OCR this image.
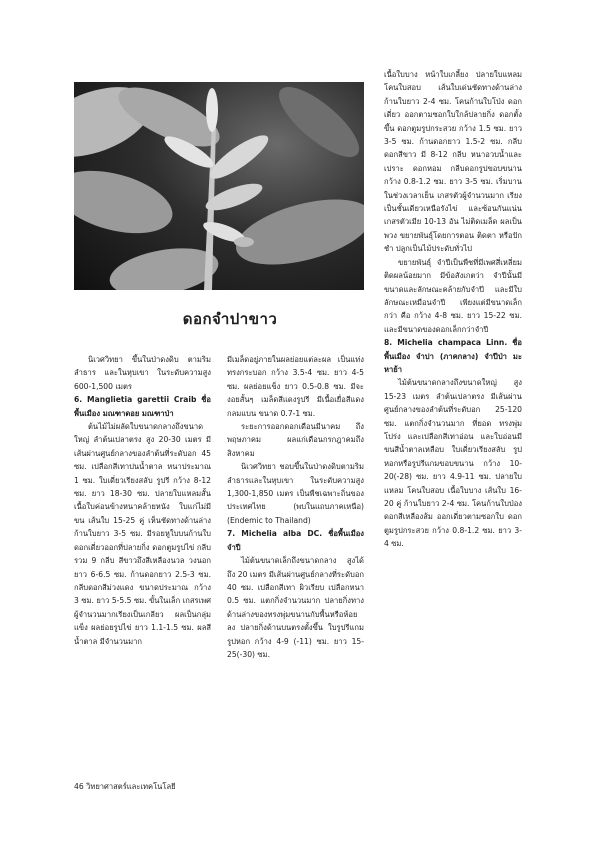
ดอกจำปาขาว

นิเวศวิทยา ขึ้นในป่าดงดิบ ตามริมลำธาร และในหุบเขา ในระดับความสูง 600-1,500 เมตร

6. Manglietia garettii Craib ชื่อพื้นเมือง มณฑาดอย มณฑาป่า

ต้นไม้ไม่ผลัดใบขนาดกลางถึงขนาดใหญ่ ลำต้นเปลาตรง สูง 20-30 เมตร มีเส้นผ่านศูนย์กลางของลำต้นที่ระดับอก 45 ซม. เปลือกสีเทาปนน้ำตาล หนาประมาณ 1 ซม. ใบเดี่ยวเรียงสลับ รูปรี กว้าง 8-12 ซม. ยาว 18-30 ซม. ปลายใบแหลมสั้นเนื้อใบค่อนข้างหนาคล้ายหนัง ใบแก่ไม่มีขน เส้นใบ 15-25 คู่ เห็นชัดทางด้านล่าง ก้านใบยาว 3-5 ซม. มีรอยหูใบบนก้านใบ ดอกเดี่ยวออกที่ปลายกิ่ง ดอกตูมรูปไข่ กลีบรวม 9 กลีบ สีขาวถึงสีเหลืองนวล วงนอกยาว 6-6.5 ซม. ก้านดอกยาว 2.5-3 ซม. กลีบดอกสีม่วงแดง ขนาดประมาณ กว้าง 3 ซม. ยาว 5-5.5 ซม. ขั้นในเล็ก เกสรเพศผู้จำนวนมากเรียงเป็นเกลียว ผลเป็นกลุ่ม แข็ง ผลย่อยรูปไข่ ยาว 1.1-1.5 ซม. ผลสีน้ำตาล มีจำนวนมาก

มีเมล็ดอยู่ภายในผลย่อยแต่ละผล เป็นแท่งทรงกระบอก กว้าง 3.5-4 ซม. ยาว 4-5 ซม. ผลย่อยแข็ง ยาว 0.5-0.8 ซม. มีจะงอยสั้นๆ เมล็ดสีแดงรูปรี มีเนื้อเยื่อสีแดง กลมแบน ขนาด 0.7-1 ซม.

ระยะการออกดอกเดือนมีนาคม ถึงพฤษภาคม ผลแก่เดือนกรกฎาคมถึงสิงหาคม

นิเวศวิทยา ชอบขึ้นในป่าดงดิบตามริมลำธารและในหุบเขา ในระดับความสูง 1,300-1,850 เมตร เป็นพืชเฉพาะถิ่นของประเทศไทย (พบในแถบภาคเหนือ) (Endemic to Thailand)

7. Michelia alba DC. ชื่อพื้นเมือง จำปี

ไม้ต้นขนาดเล็กถึงขนาดกลาง สูงได้ถึง 20 เมตร มีเส้นผ่านศูนย์กลางที่ระดับอก 40 ซม. เปลือกสีเทา ผิวเรียบ เปลือกหนา 0.5 ซม. แตกกิ่งจำนวนมาก ปลายกิ่งทาง ด้านล่างของทรงพุ่มขนานกับพื้นหรือห้อยลง ปลายกิ่งด้านบนตรงตั้งขึ้น ใบรูปรีแกมรูปหอก กว้าง 4-9 (-11) ซม. ยาว 15-25(-30) ซม.

เนื้อใบบาง หน้าใบเกลี้ยง ปลายใบแหลม โคนใบสอบ เส้นใบเด่นชัดทางด้านล่าง ก้านใบยาว 2-4 ซม. โคนก้านใบโป่ง ดอกเดี่ยว ออกตามซอกใบใกล้ปลายกิ่ง ดอกตั้งขึ้น ดอกตูมรูปกระสวย กว้าง 1.5 ซม. ยาว 3-5 ซม. ก้านดอกยาว 1.5-2 ซม. กลีบดอกสีขาว มี 8-12 กลีบ หนาอวบน้ำและเปราะ ดอกหอม กลีบดอกรูปขอบขนานกว้าง 0.8-1.2 ซม. ยาว 3-5 ซม. เริ่มบานในช่วงเวลาเย็น เกสรตัวผู้จำนวนมาก เรียงเป็นชั้นเดียวเหนือรังไข่ และซ้อนกันแน่น เกสรตัวเมีย 10-13 อัน ไม่ติดเมล็ด ผลเป็นพวง ขยายพันธุ์โดยการตอน ติดตา หรือปักชำ ปลูกเป็นไม้ประดับทั่วไป

ขยายพันธุ์ จำปีเป็นพืชที่มีเพศสี่เหลี่ยม ติดผลน้อยมาก มีข้อสังเกตว่า จำปีนั้นมีขนาดและลักษณะคล้ายกับจำปี และมีใบลักษณะเหมือนจำปี เพียงแต่มีขนาดเล็กกว่า คือ กว้าง 4-8 ซม. ยาว 15-22 ซม. และมีขนาดของดอกเล็กกว่าจำปี

8. Michelia champaca Linn. ชื่อพื้นเมือง จำปา (ภาคกลาง) จำปีป่า มะหาย้า

ไม้ต้นขนาดกลางถึงขนาดใหญ่ สูง 15-23 เมตร ลำต้นเปลาตรง มีเส้นผ่านศูนย์กลางของลำต้นที่ระดับอก 25-120 ซม. แตกกิ่งจำนวนมาก ที่ยอด ทรงพุ่มโปร่ง และเปลือกสีเทาอ่อน และใบอ่อนมีขนสีน้ำตาลเหลือบ ใบเดี่ยวเรียงสลับ รูปหอกหรือรูปรีแกมขอบขนาน กว้าง 10-20(-28) ซม. ยาว 4.9-11 ซม. ปลายใบแหลม โคนใบสอบ เนื้อใบบาง เส้นใบ 16-20 คู่ ก้านใบยาว 2-4 ซม. โคนก้านใบป่อง ดอกสีเหลืองส้ม ออกเดี่ยวตามซอกใบ ดอกตูมรูปกระสวย กว้าง 0.8-1.2 ซม. ยาว 3-4 ซม.

46 วิทยาศาสตร์และเทคโนโลยี
